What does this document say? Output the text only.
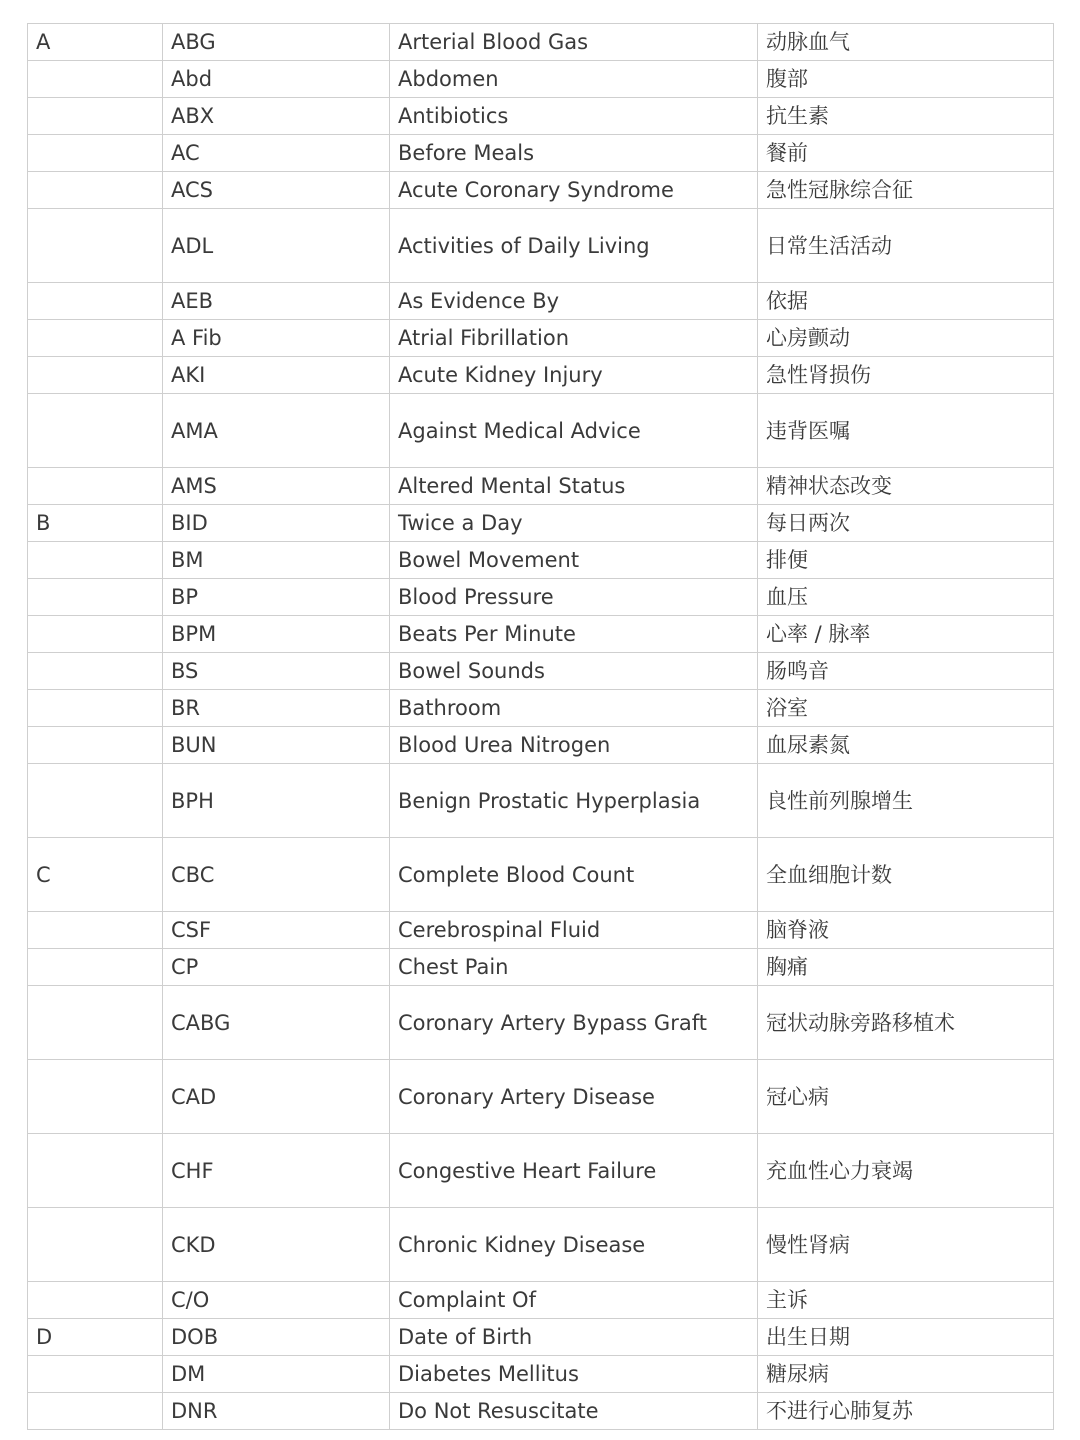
A	ABG	Arterial Blood Gas	动脉血气
	Abd	Abdomen	腹部
	ABX	Antibiotics	抗生素
	AC	Before Meals	餐前
	ACS	Acute Coronary Syndrome	急性冠脉综合征
	ADL	Activities of Daily Living	日常生活活动
	AEB	As Evidence By	依据
	A Fib	Atrial Fibrillation	心房颤动
	AKI	Acute Kidney Injury	急性肾损伤
	AMA	Against Medical Advice	违背医嘱
	AMS	Altered Mental Status	精神状态改变
B	BID	Twice a Day	每日两次
	BM	Bowel Movement	排便
	BP	Blood Pressure	血压
	BPM	Beats Per Minute	心率 / 脉率
	BS	Bowel Sounds	肠鸣音
	BR	Bathroom	浴室
	BUN	Blood Urea Nitrogen	血尿素氮
	BPH	Benign Prostatic Hyperplasia	良性前列腺增生
C	CBC	Complete Blood Count	全血细胞计数
	CSF	Cerebrospinal Fluid	脑脊液
	CP	Chest Pain	胸痛
	CABG	Coronary Artery Bypass Graft	冠状动脉旁路移植术
	CAD	Coronary Artery Disease	冠心病
	CHF	Congestive Heart Failure	充血性心力衰竭
	CKD	Chronic Kidney Disease	慢性肾病
	C/O	Complaint Of	主诉
D	DOB	Date of Birth	出生日期
	DM	Diabetes Mellitus	糖尿病
	DNR	Do Not Resuscitate	不进行心肺复苏
